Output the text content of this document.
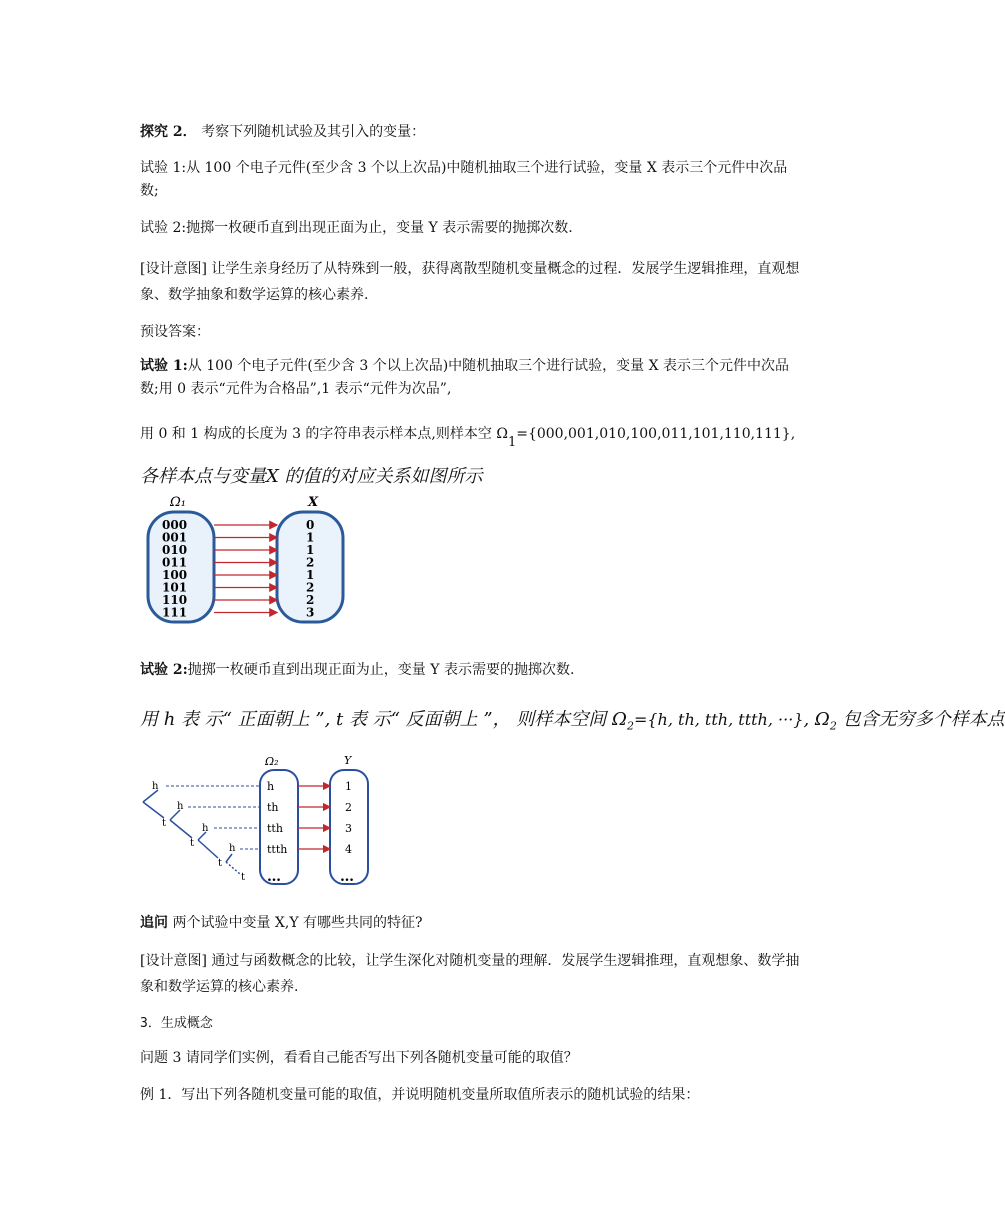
探究 2． 考察下列随机试验及其引入的变量：
试验 1:从 100 个电子元件(至少含 3 个以上次品)中随机抽取三个进行试验，变量 X 表示三个元件中次品数;
试验 2:抛掷一枚硬币直到出现正面为止，变量 Y 表示需要的抛掷次数.
[设计意图] 让学生亲身经历了从特殊到一般，获得离散型随机变量概念的过程．发展学生逻辑推理，直观想象、数学抽象和数学运算的核心素养.
预设答案：
试验 1:从 100 个电子元件(至少含 3 个以上次品)中随机抽取三个进行试验，变量 X 表示三个元件中次品数;用 0 表示“元件为合格品”,1 表示“元件为次品”,
用 0 和 1 构成的长度为 3 的字符串表示样本点,则样本空 $\Omega_1=\{000,001,010,100,011,101,110,111\}$,
各样本点与变量X 的值的对应关系如图所示
Ω₁	X
000	0
001	1
010	1
011	2
100	1
101	2
110	2
111	3
试验 2:抛掷一枚硬币直到出现正面为止，变量 Y 表示需要的抛掷次数.
用 h 表 示“ 正面朝上 ”, t 表 示“ 反面朝上 ”， 则样本空间 $\Omega_2=\{h$, th, tth, ttth, ···}, $\Omega_2$ 包含无穷多个样本点
Ω₂	Y
h
h
h
h
t
t
t
t
h	1
th	2
tth	3
ttth	4
…	…
追问 两个试验中变量 X,Y 有哪些共同的特征?
[设计意图] 通过与函数概念的比较，让学生深化对随机变量的理解．发展学生逻辑推理，直观想象、数学抽象和数学运算的核心素养.
3．生成概念
问题 3 请同学们实例，看看自己能否写出下列各随机变量可能的取值？
例 1．写出下列各随机变量可能的取值，并说明随机变量所取值所表示的随机试验的结果：
